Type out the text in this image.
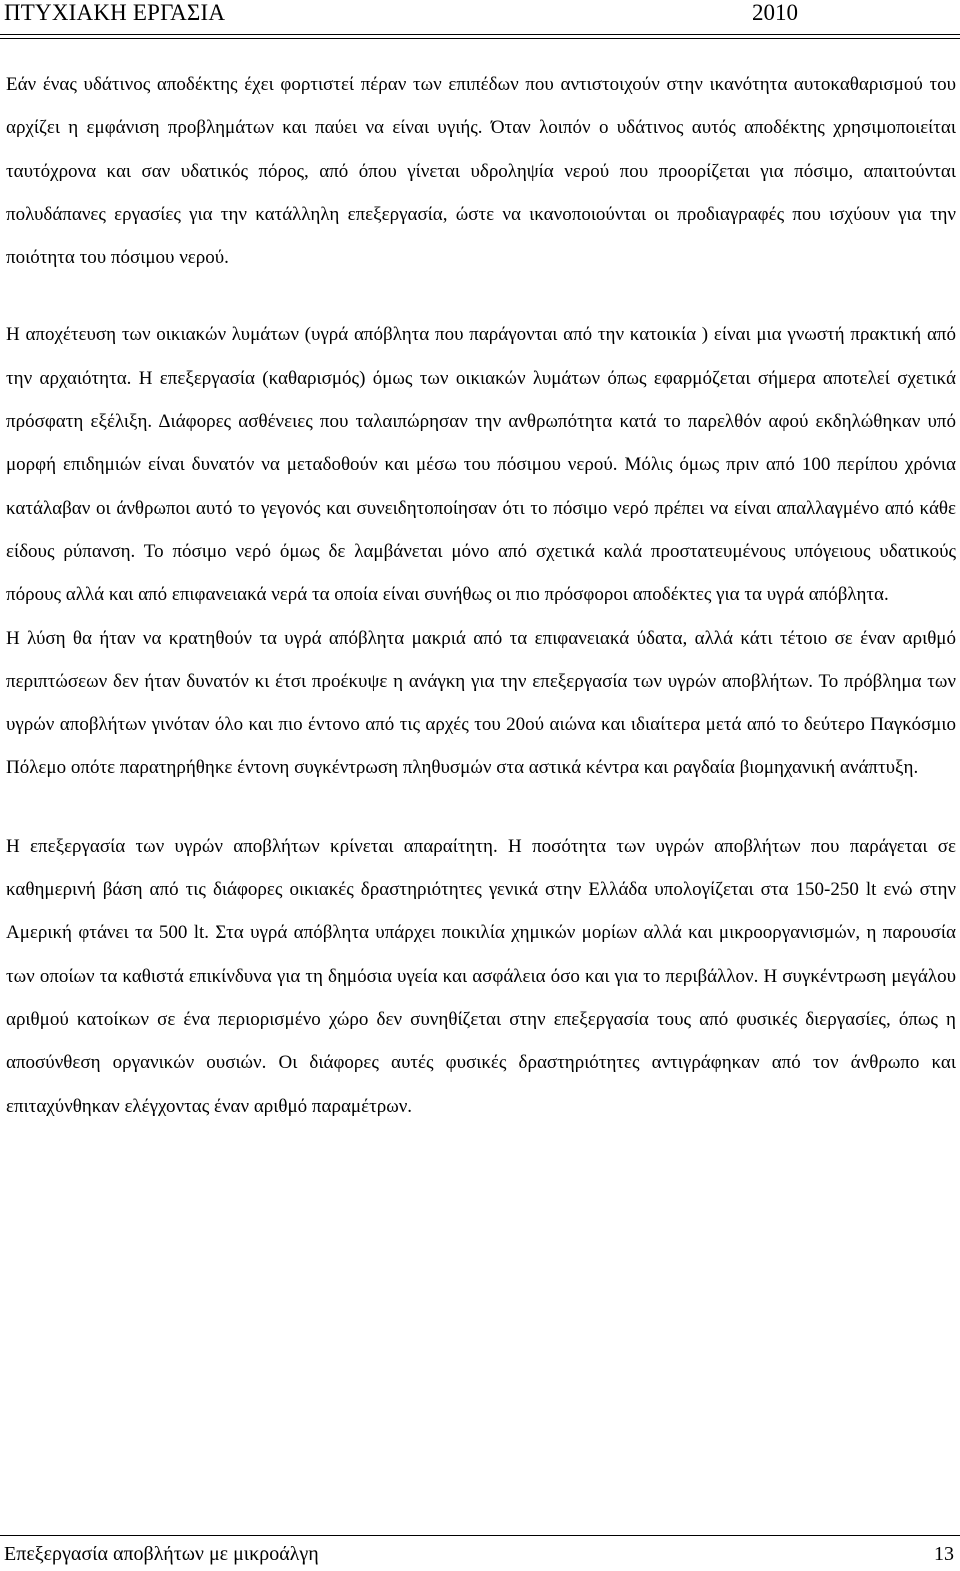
ΠΤΥΧΙΑΚΗ ΕΡΓΑΣΙΑ	2010

Εάν ένας υδάτινος αποδέκτης έχει φορτιστεί πέραν των επιπέδων που αντιστοιχούν στην ικανότητα αυτοκαθαρισμού του αρχίζει η εμφάνιση προβλημάτων και παύει να είναι υγιής. Όταν λοιπόν ο υδάτινος αυτός αποδέκτης χρησιμοποιείται ταυτόχρονα και σαν υδατικός πόρος, από όπου γίνεται υδροληψία νερού που προορίζεται για πόσιμο, απαιτούνται πολυδάπανες εργασίες για την κατάλληλη επεξεργασία, ώστε να ικανοποιούνται οι προδιαγραφές που ισχύουν για την ποιότητα του πόσιμου νερού.

Η αποχέτευση των οικιακών λυμάτων (υγρά απόβλητα που παράγονται από την κατοικία ) είναι μια γνωστή πρακτική από την αρχαιότητα. Η επεξεργασία (καθαρισμός) όμως των οικιακών λυμάτων όπως εφαρμόζεται σήμερα αποτελεί σχετικά πρόσφατη εξέλιξη. Διάφορες ασθένειες που ταλαιπώρησαν την ανθρωπότητα κατά το παρελθόν αφού εκδηλώθηκαν υπό μορφή επιδημιών είναι δυνατόν να μεταδοθούν και μέσω του πόσιμου νερού. Μόλις όμως πριν από 100 περίπου χρόνια κατάλαβαν οι άνθρωποι αυτό το γεγονός και συνειδητοποίησαν ότι το πόσιμο νερό πρέπει να είναι απαλλαγμένο από κάθε είδους ρύπανση. Το πόσιμο νερό όμως δε λαμβάνεται μόνο από σχετικά καλά προστατευμένους υπόγειους υδατικούς πόρους αλλά και από επιφανειακά νερά τα οποία είναι συνήθως οι πιο πρόσφοροι αποδέκτες για τα υγρά απόβλητα.

Η λύση θα ήταν να κρατηθούν τα υγρά απόβλητα μακριά από τα επιφανειακά ύδατα, αλλά κάτι τέτοιο σε έναν αριθμό περιπτώσεων δεν ήταν δυνατόν κι έτσι προέκυψε η ανάγκη για την επεξεργασία των υγρών αποβλήτων. Το πρόβλημα των υγρών αποβλήτων γινόταν όλο και πιο έντονο από τις αρχές του 20ού αιώνα και ιδιαίτερα μετά από το δεύτερο Παγκόσμιο Πόλεμο οπότε παρατηρήθηκε έντονη συγκέντρωση πληθυσμών στα αστικά κέντρα και ραγδαία βιομηχανική ανάπτυξη.

Η επεξεργασία των υγρών αποβλήτων κρίνεται απαραίτητη. Η ποσότητα των υγρών αποβλήτων που παράγεται σε καθημερινή βάση από τις διάφορες οικιακές δραστηριότητες γενικά στην Ελλάδα υπολογίζεται στα 150-250 lt ενώ στην Αμερική φτάνει τα 500 lt. Στα υγρά απόβλητα υπάρχει ποικιλία χημικών μορίων αλλά και μικροοργανισμών, η παρουσία των οποίων τα καθιστά επικίνδυνα για τη δημόσια υγεία και ασφάλεια όσο και για το περιβάλλον. Η συγκέντρωση μεγάλου αριθμού κατοίκων σε ένα περιορισμένο χώρο δεν συνηθίζεται στην επεξεργασία τους από φυσικές διεργασίες, όπως η αποσύνθεση οργανικών ουσιών. Οι διάφορες αυτές φυσικές δραστηριότητες αντιγράφηκαν από τον άνθρωπο και επιταχύνθηκαν ελέγχοντας έναν αριθμό παραμέτρων.

Επεξεργασία αποβλήτων με μικροάλγη	13
